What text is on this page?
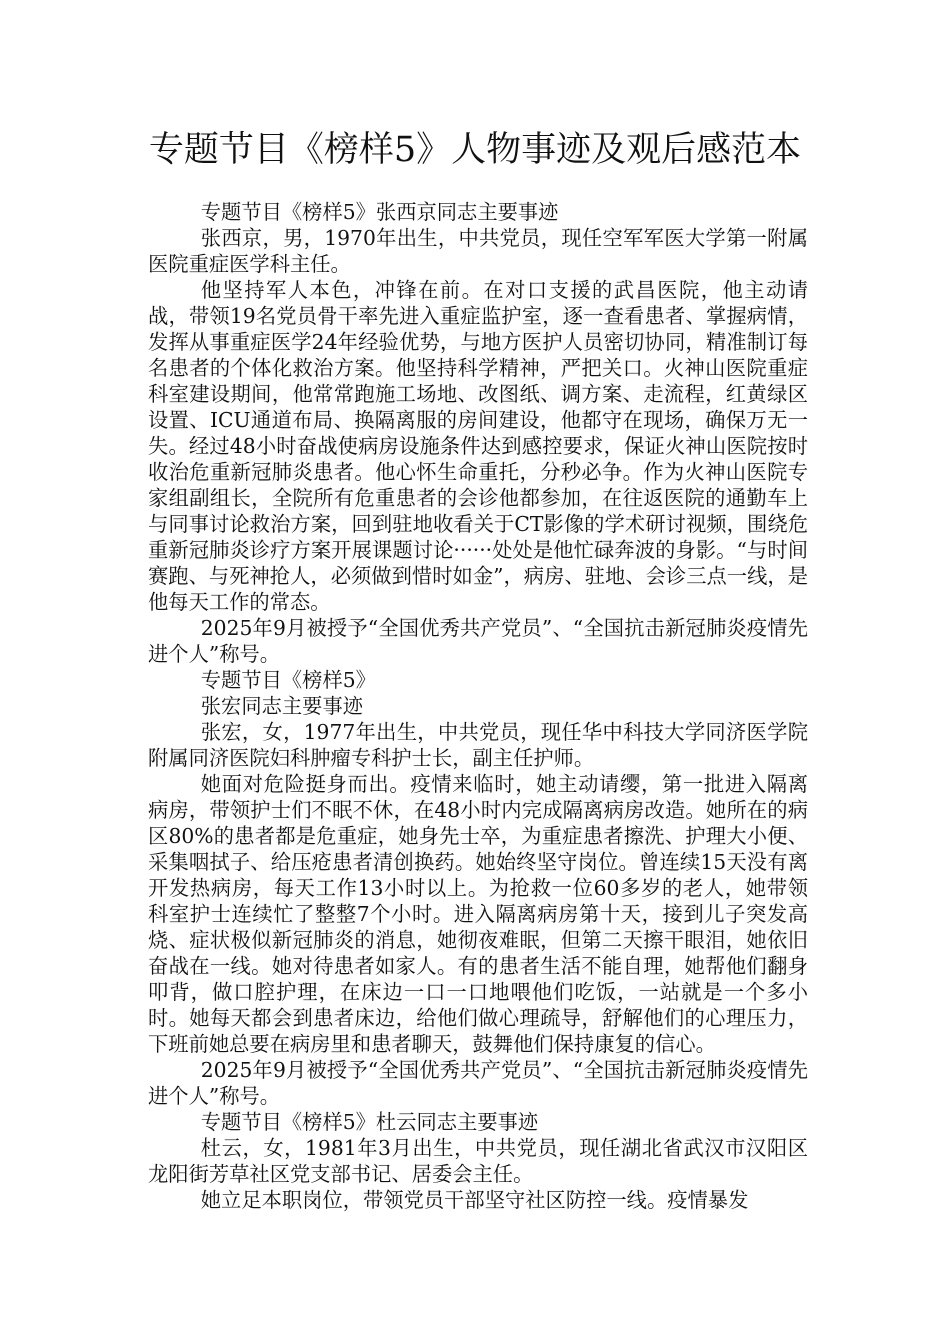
专题节目《榜样5》人物事迹及观后感范本

专题节目《榜样5》张西京同志主要事迹

张西京，男，1970年出生，中共党员，现任空军军医大学第一附属医院重症医学科主任。

他坚持军人本色，冲锋在前。在对口支援的武昌医院，他主动请战，带领19名党员骨干率先进入重症监护室，逐一查看患者、掌握病情，发挥从事重症医学24年经验优势，与地方医护人员密切协同，精准制订每名患者的个体化救治方案。他坚持科学精神，严把关口。火神山医院重症科室建设期间，他常常跑施工场地、改图纸、调方案、走流程，红黄绿区设置、ICU通道布局、换隔离服的房间建设，他都守在现场，确保万无一失。经过48小时奋战使病房设施条件达到感控要求，保证火神山医院按时收治危重新冠肺炎患者。他心怀生命重托，分秒必争。作为火神山医院专家组副组长，全院所有危重患者的会诊他都参加，在往返医院的通勤车上与同事讨论救治方案，回到驻地收看关于CT影像的学术研讨视频，围绕危重新冠肺炎诊疗方案开展课题讨论······处处是他忙碌奔波的身影。“与时间赛跑、与死神抢人，必须做到惜时如金”，病房、驻地、会诊三点一线，是他每天工作的常态。

2025年9月被授予“全国优秀共产党员”、“全国抗击新冠肺炎疫情先进个人”称号。

专题节目《榜样5》

张宏同志主要事迹

张宏，女，1977年出生，中共党员，现任华中科技大学同济医学院附属同济医院妇科肿瘤专科护士长，副主任护师。

她面对危险挺身而出。疫情来临时，她主动请缨，第一批进入隔离病房，带领护士们不眠不休，在48小时内完成隔离病房改造。她所在的病区80%的患者都是危重症，她身先士卒，为重症患者擦洗、护理大小便、采集咽拭子、给压疮患者清创换药。她始终坚守岗位。曾连续15天没有离开发热病房，每天工作13小时以上。为抢救一位60多岁的老人，她带领科室护士连续忙了整整7个小时。进入隔离病房第十天，接到儿子突发高烧、症状极似新冠肺炎的消息，她彻夜难眠，但第二天擦干眼泪，她依旧奋战在一线。她对待患者如家人。有的患者生活不能自理，她帮他们翻身叩背，做口腔护理，在床边一口一口地喂他们吃饭，一站就是一个多小时。她每天都会到患者床边，给他们做心理疏导，舒解他们的心理压力，下班前她总要在病房里和患者聊天，鼓舞他们保持康复的信心。

2025年9月被授予“全国优秀共产党员”、“全国抗击新冠肺炎疫情先进个人”称号。

专题节目《榜样5》杜云同志主要事迹

杜云，女，1981年3月出生，中共党员，现任湖北省武汉市汉阳区龙阳街芳草社区党支部书记、居委会主任。

她立足本职岗位，带领党员干部坚守社区防控一线。疫情暴发
